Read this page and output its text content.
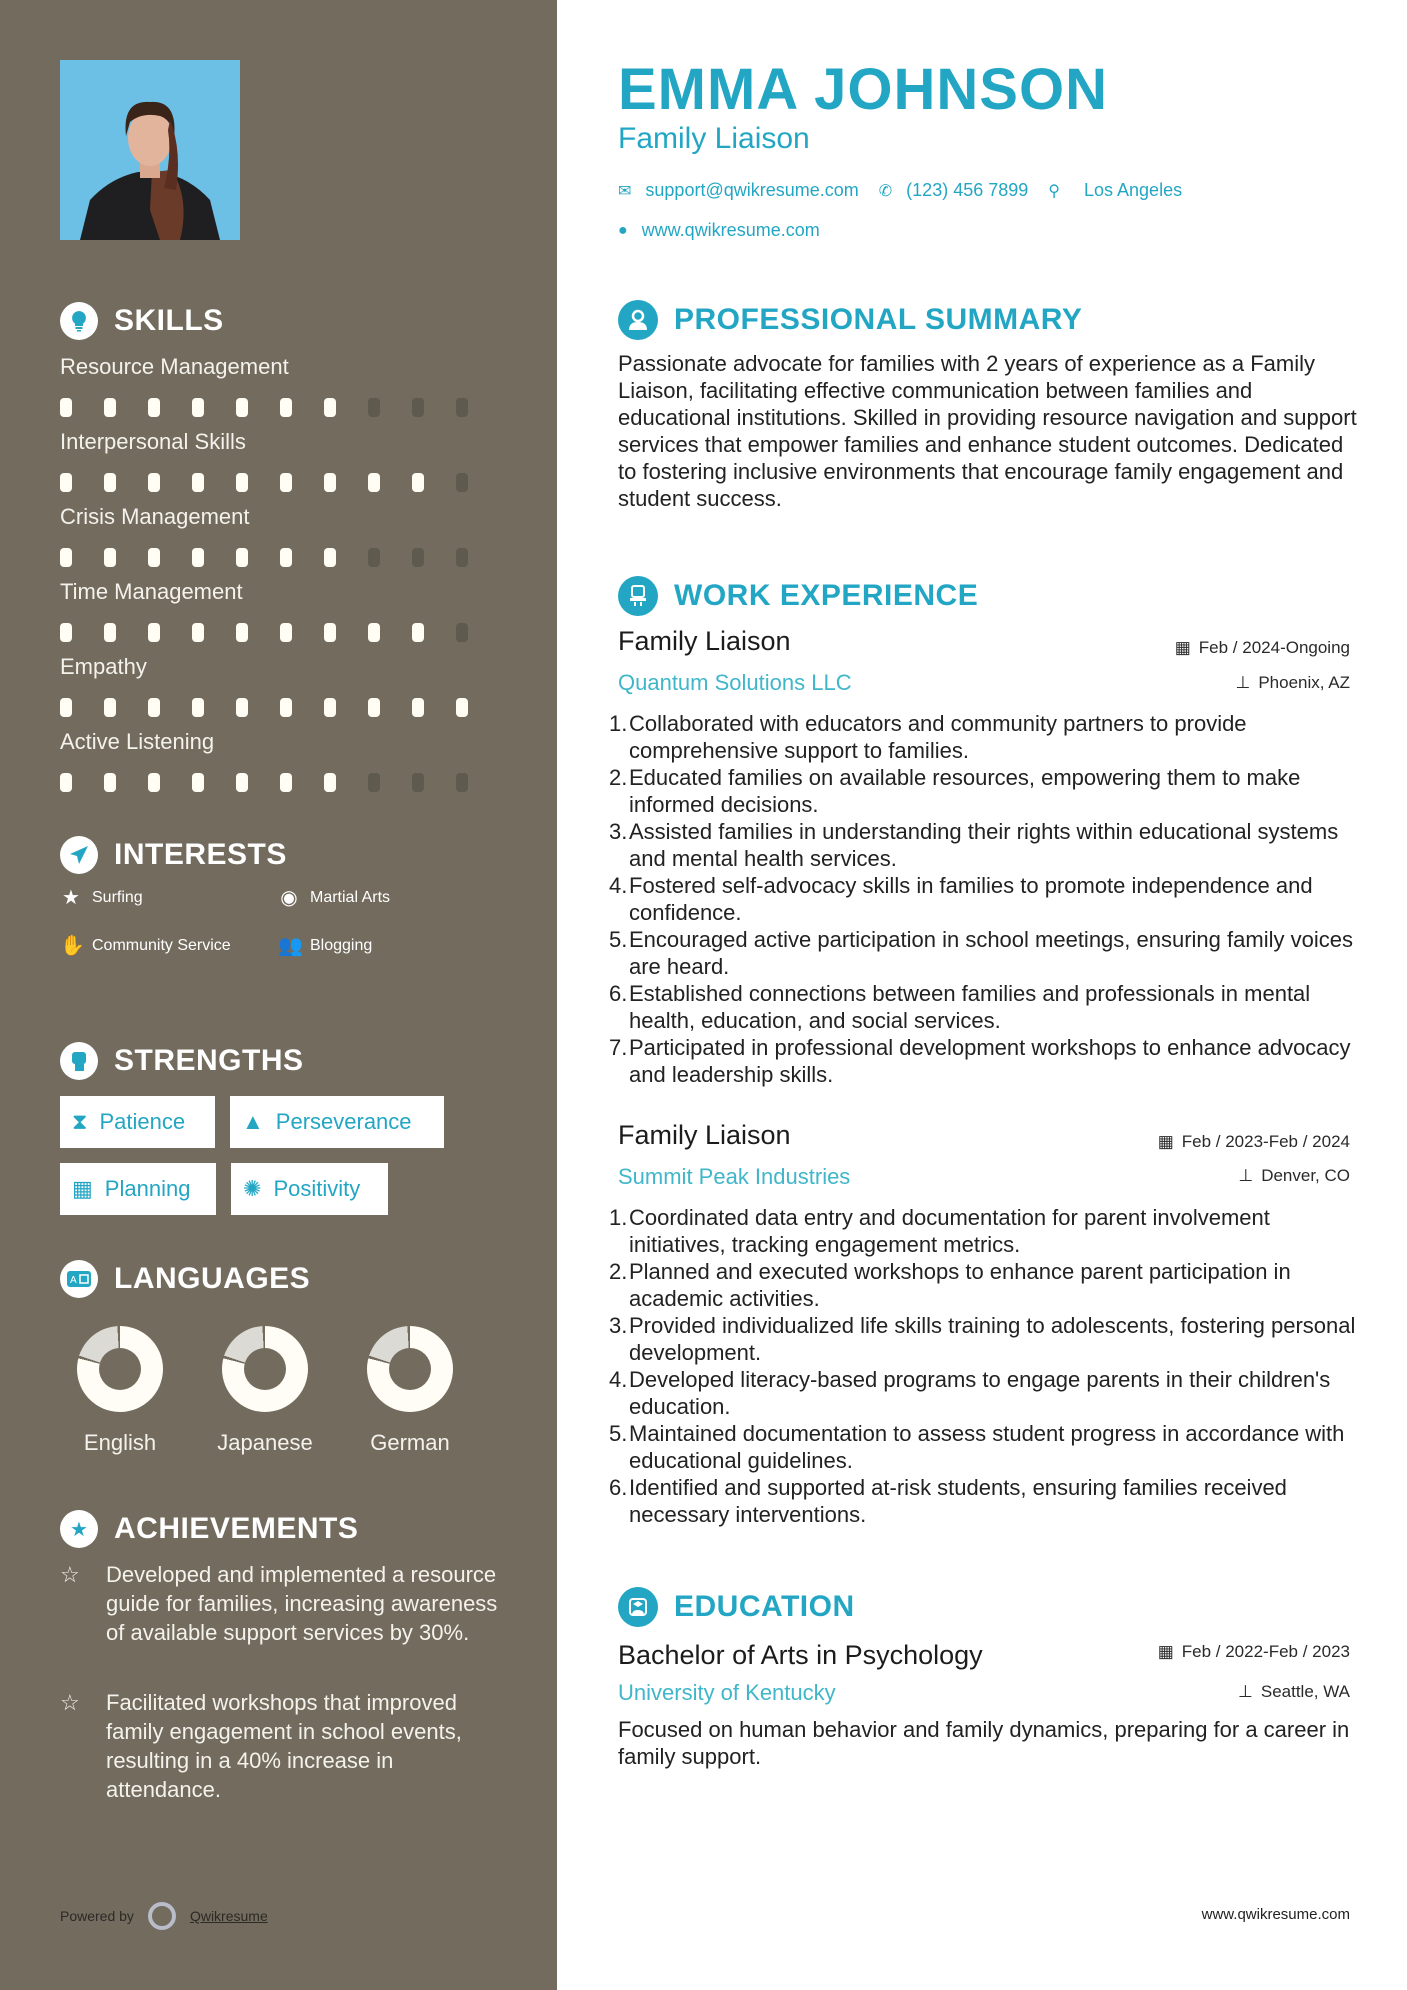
SKILLS
Resource Management
Interpersonal Skills
Crisis Management
Time Management
Empathy
Active Listening
INTERESTS
★ Surfing	◉ Martial Arts
✋ Community Service 👥 Blogging
STRENGTHS
⧗ Patience	▲ Perseverance
▦ Planning ✺ Positivity
A LANGUAGES
English	Japanese	German
★ ACHIEVEMENTS
☆	Developed and implemented a resource guide for families, increasing awareness of available support services by 30%.
☆	Facilitated workshops that improved family engagement in school events, resulting in a 40% increase in attendance.
Powered by	Qwikresume
EMMA JOHNSON
Family Liaison
✉ support@qwikresume.com ✆ (123) 456 7899 ⚲ Los Angeles
● www.qwikresume.com
PROFESSIONAL SUMMARY
Passionate advocate for families with 2 years of experience as a Family Liaison, facilitating effective communication between families and educational institutions. Skilled in providing resource navigation and support services that empower families and enhance student outcomes. Dedicated to fostering inclusive environments that encourage family engagement and student success.
WORK EXPERIENCE
Family Liaison	▦ Feb / 2024-Ongoing
Quantum Solutions LLC	⊥ Phoenix, AZ
1. Collaborated with educators and community partners to provide comprehensive support to families.
2. Educated families on available resources, empowering them to make informed decisions.
3. Assisted families in understanding their rights within educational systems and mental health services.
4. Fostered self-advocacy skills in families to promote independence and confidence.
5. Encouraged active participation in school meetings, ensuring family voices are heard.
6. Established connections between families and professionals in mental health, education, and social services.
7. Participated in professional development workshops to enhance advocacy and leadership skills.
Family Liaison	▦ Feb / 2023-Feb / 2024
Summit Peak Industries	⊥ Denver, CO
1. Coordinated data entry and documentation for parent involvement initiatives, tracking engagement metrics.
2. Planned and executed workshops to enhance parent participation in academic activities.
3. Provided individualized life skills training to adolescents, fostering personal development.
4. Developed literacy-based programs to engage parents in their children's education.
5. Maintained documentation to assess student progress in accordance with educational guidelines.
6. Identified and supported at-risk students, ensuring families received necessary interventions.
EDUCATION
Bachelor of Arts in Psychology	▦ Feb / 2022-Feb / 2023
University of Kentucky	⊥ Seattle, WA
Focused on human behavior and family dynamics, preparing for a career in family support.
www.qwikresume.com
